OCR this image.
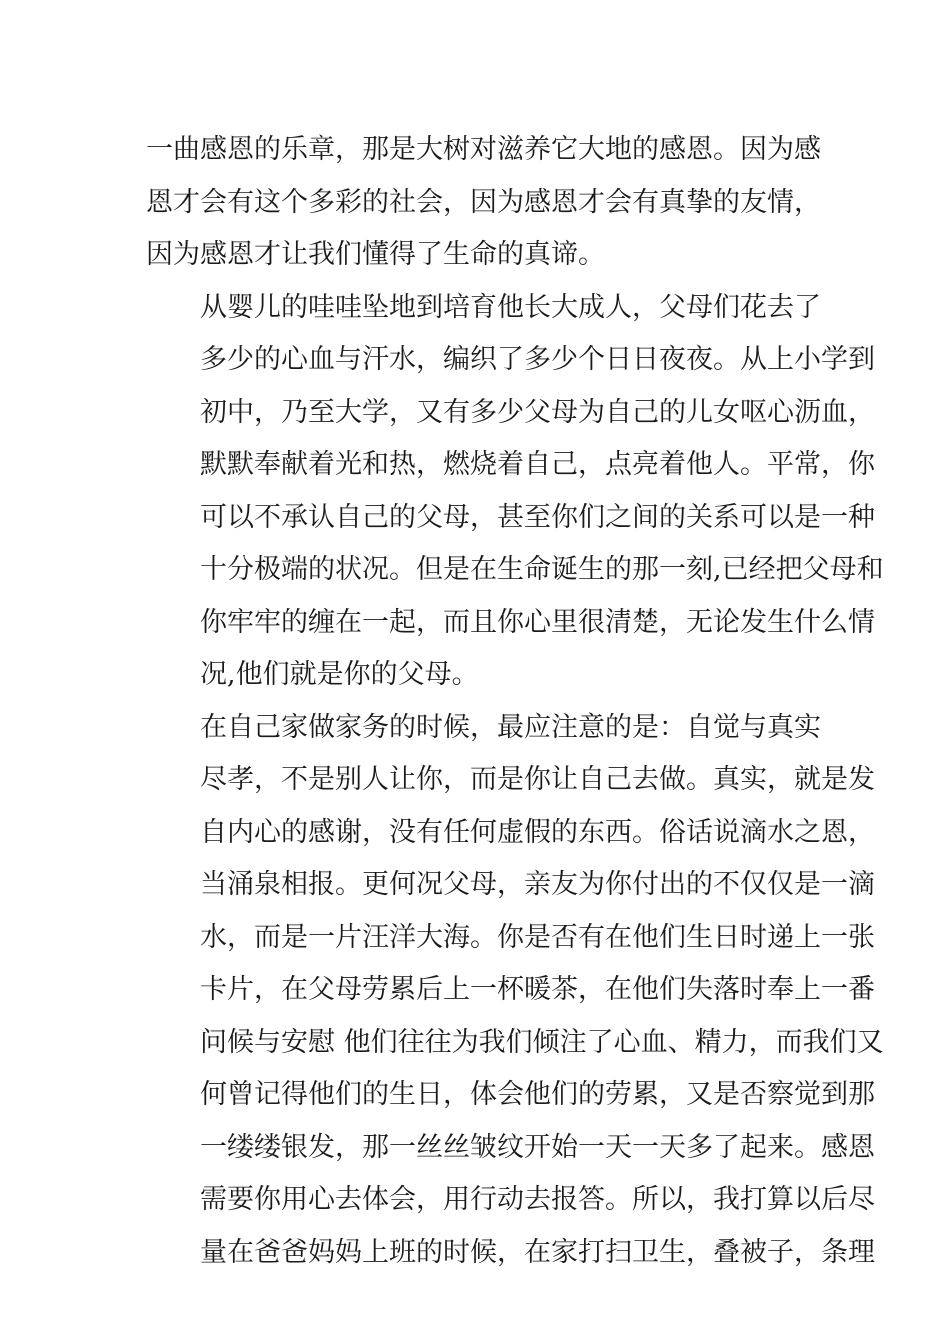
一曲感恩的乐章，那是大树对滋养它大地的感恩。因为感
恩才会有这个多彩的社会，因为感恩才会有真挚的友情，
因为感恩才让我们懂得了生命的真谛。
从婴儿的哇哇坠地到培育他长大成人，父母们花去了
多少的心血与汗水，编织了多少个日日夜夜。从上小学到
初中，乃至大学，又有多少父母为自己的儿女呕心沥血，
默默奉献着光和热，燃烧着自己，点亮着他人。平常，你
可以不承认自己的父母，甚至你们之间的关系可以是一种
十分极端的状况。但是在生命诞生的那一刻,已经把父母和
你牢牢的缠在一起，而且你心里很清楚，无论发生什么情
况,他们就是你的父母。
在自己家做家务的时候，最应注意的是：自觉与真实
尽孝，不是别人让你，而是你让自己去做。真实，就是发
自内心的感谢，没有任何虚假的东西。俗话说滴水之恩，
当涌泉相报。更何况父母，亲友为你付出的不仅仅是一滴
水，而是一片汪洋大海。你是否有在他们生日时递上一张
卡片，在父母劳累后上一杯暖茶，在他们失落时奉上一番
问候与安慰 他们往往为我们倾注了心血、精力，而我们又
何曾记得他们的生日，体会他们的劳累，又是否察觉到那
一缕缕银发，那一丝丝皱纹开始一天一天多了起来。感恩
需要你用心去体会，用行动去报答。所以，我打算以后尽
量在爸爸妈妈上班的时候，在家打扫卫生，叠被子，条理
